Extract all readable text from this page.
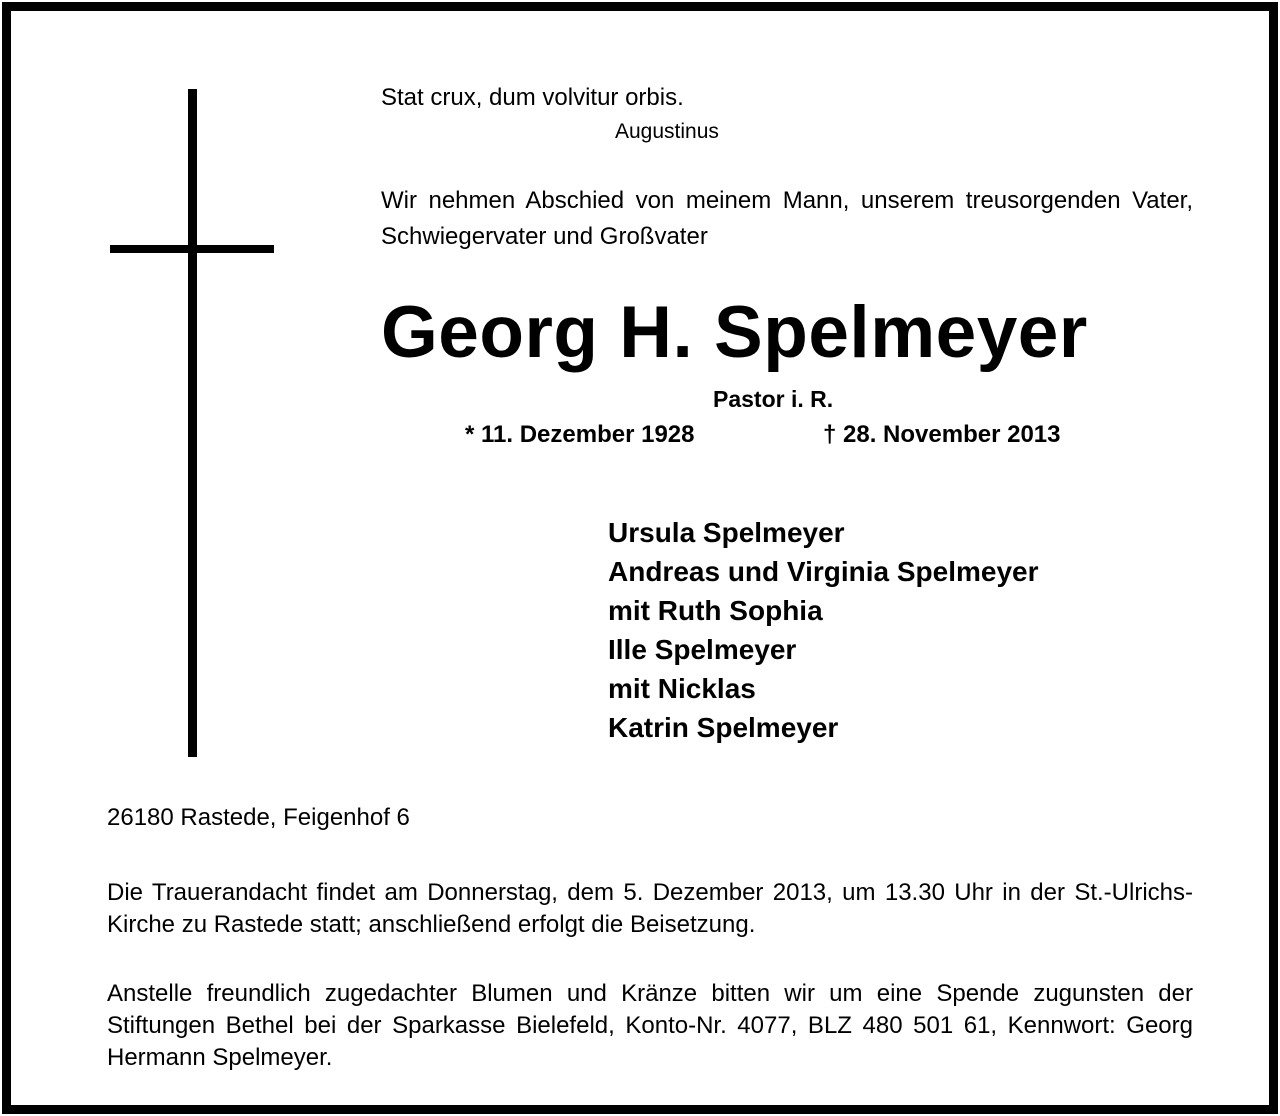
Stat crux, dum volvitur orbis.
Augustinus
Wir nehmen Abschied von meinem Mann, unserem treusorgenden Vater, Schwiegervater und Großvater
Georg H. Spelmeyer
Pastor i. R.
* 11. Dezember 1928	† 28. November 2013
Ursula Spelmeyer
Andreas und Virginia Spelmeyer
mit Ruth Sophia
Ille Spelmeyer
mit Nicklas
Katrin Spelmeyer
26180 Rastede, Feigenhof 6
Die Trauerandacht findet am Donnerstag, dem 5. Dezember 2013, um 13.30 Uhr in der St.-Ulrichs-Kirche zu Rastede statt; anschließend erfolgt die Beisetzung.
Anstelle freundlich zugedachter Blumen und Kränze bitten wir um eine Spende zugunsten der Stiftungen Bethel bei der Sparkasse Bielefeld, Konto-Nr. 4077, BLZ 480 501 61, Kennwort: Georg Hermann Spelmeyer.
